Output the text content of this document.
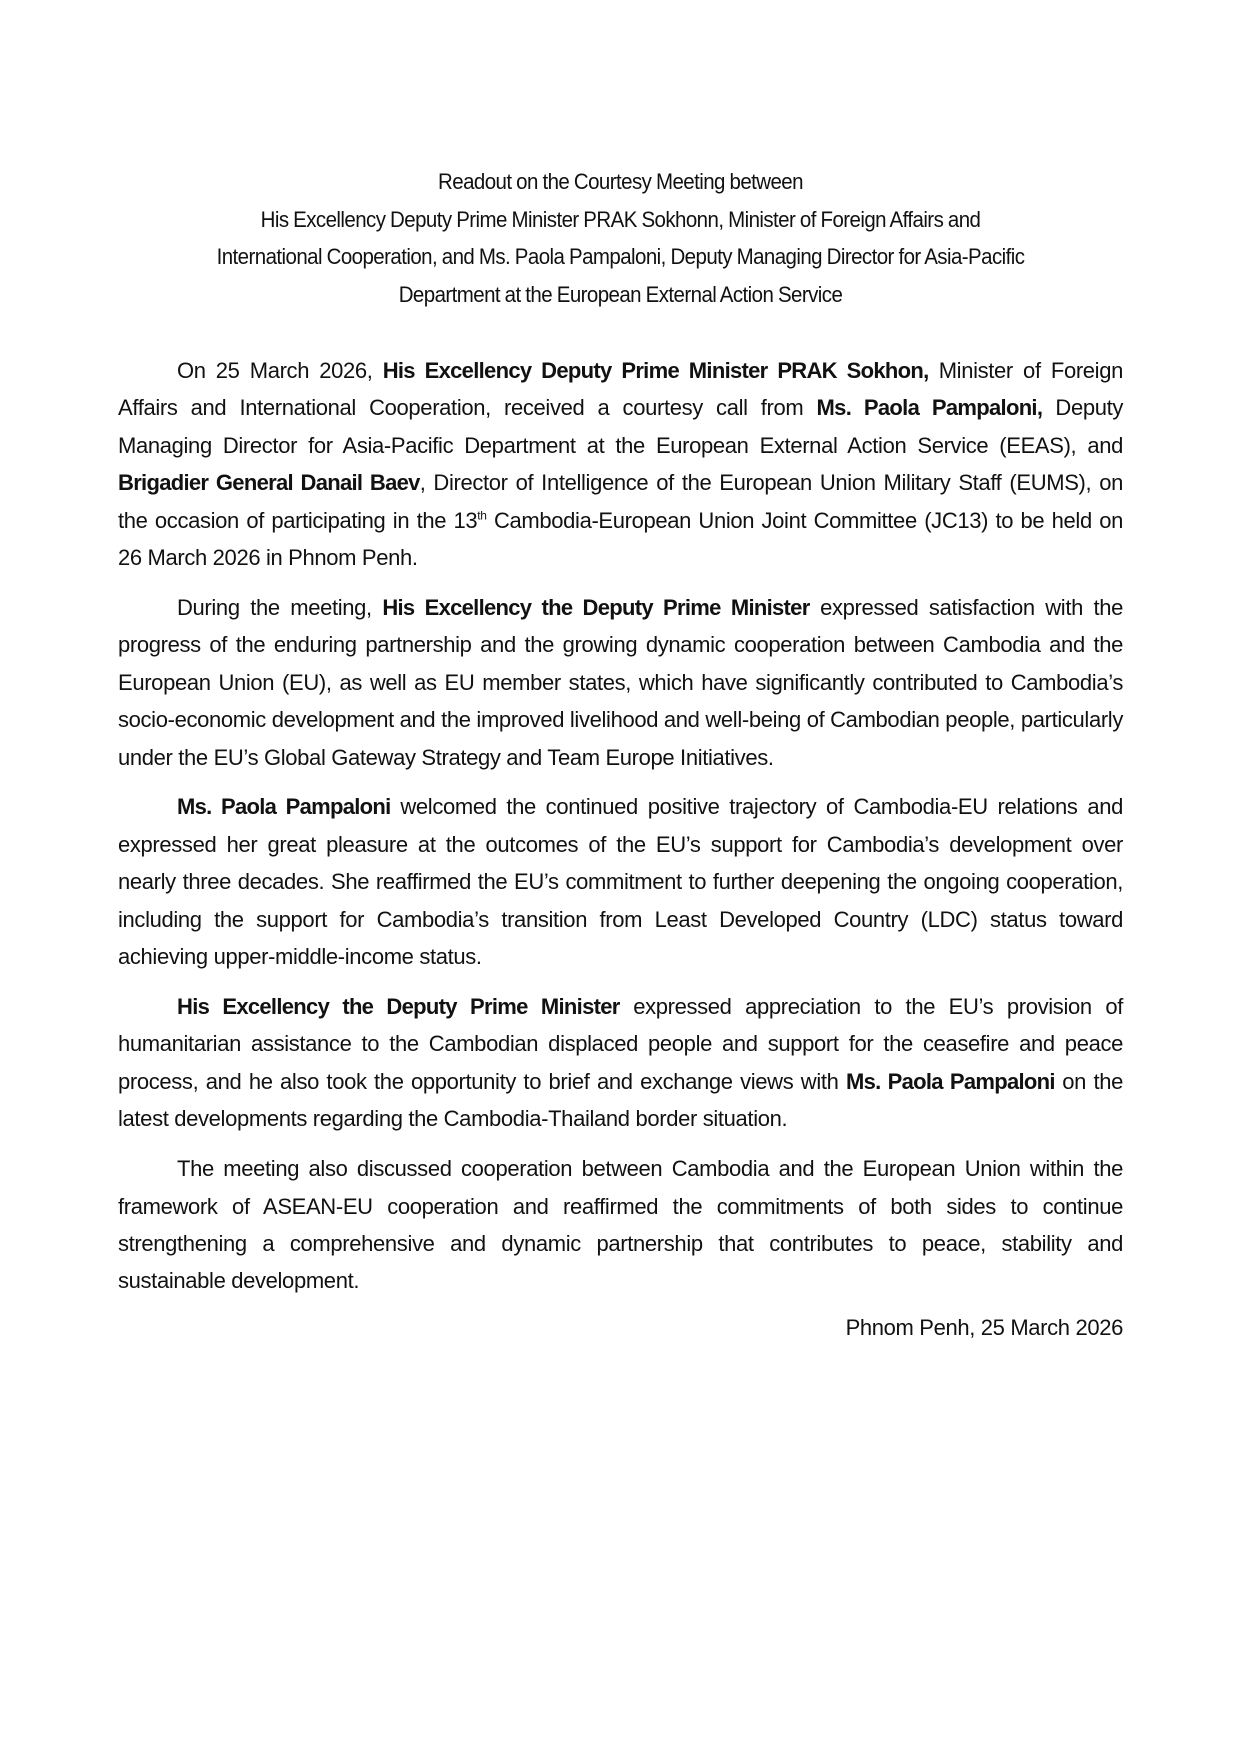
Readout on the Courtesy Meeting between
His Excellency Deputy Prime Minister PRAK Sokhonn, Minister of Foreign Affairs and
International Cooperation, and Ms. Paola Pampaloni, Deputy Managing Director for Asia-Pacific
Department at the European External Action Service

On 25 March 2026, His Excellency Deputy Prime Minister PRAK Sokhon, Minister of Foreign Affairs and International Cooperation, received a courtesy call from Ms. Paola Pampaloni, Deputy Managing Director for Asia-Pacific Department at the European External Action Service (EEAS), and Brigadier General Danail Baev, Director of Intelligence of the European Union Military Staff (EUMS), on the occasion of participating in the 13th Cambodia-European Union Joint Committee (JC13) to be held on 26 March 2026 in Phnom Penh.

During the meeting, His Excellency the Deputy Prime Minister expressed satisfaction with the progress of the enduring partnership and the growing dynamic cooperation between Cambodia and the European Union (EU), as well as EU member states, which have significantly contributed to Cambodia’s socio-economic development and the improved livelihood and well-being of Cambodian people, particularly under the EU’s Global Gateway Strategy and Team Europe Initiatives.

Ms. Paola Pampaloni welcomed the continued positive trajectory of Cambodia-EU relations and expressed her great pleasure at the outcomes of the EU’s support for Cambodia’s development over nearly three decades. She reaffirmed the EU’s commitment to further deepening the ongoing cooperation, including the support for Cambodia’s transition from Least Developed Country (LDC) status toward achieving upper-middle-income status.

His Excellency the Deputy Prime Minister expressed appreciation to the EU’s provision of humanitarian assistance to the Cambodian displaced people and support for the ceasefire and peace process, and he also took the opportunity to brief and exchange views with Ms. Paola Pampaloni on the latest developments regarding the Cambodia-Thailand border situation.

The meeting also discussed cooperation between Cambodia and the European Union within the framework of ASEAN-EU cooperation and reaffirmed the commitments of both sides to continue strengthening a comprehensive and dynamic partnership that contributes to peace, stability and sustainable development.

Phnom Penh, 25 March 2026
